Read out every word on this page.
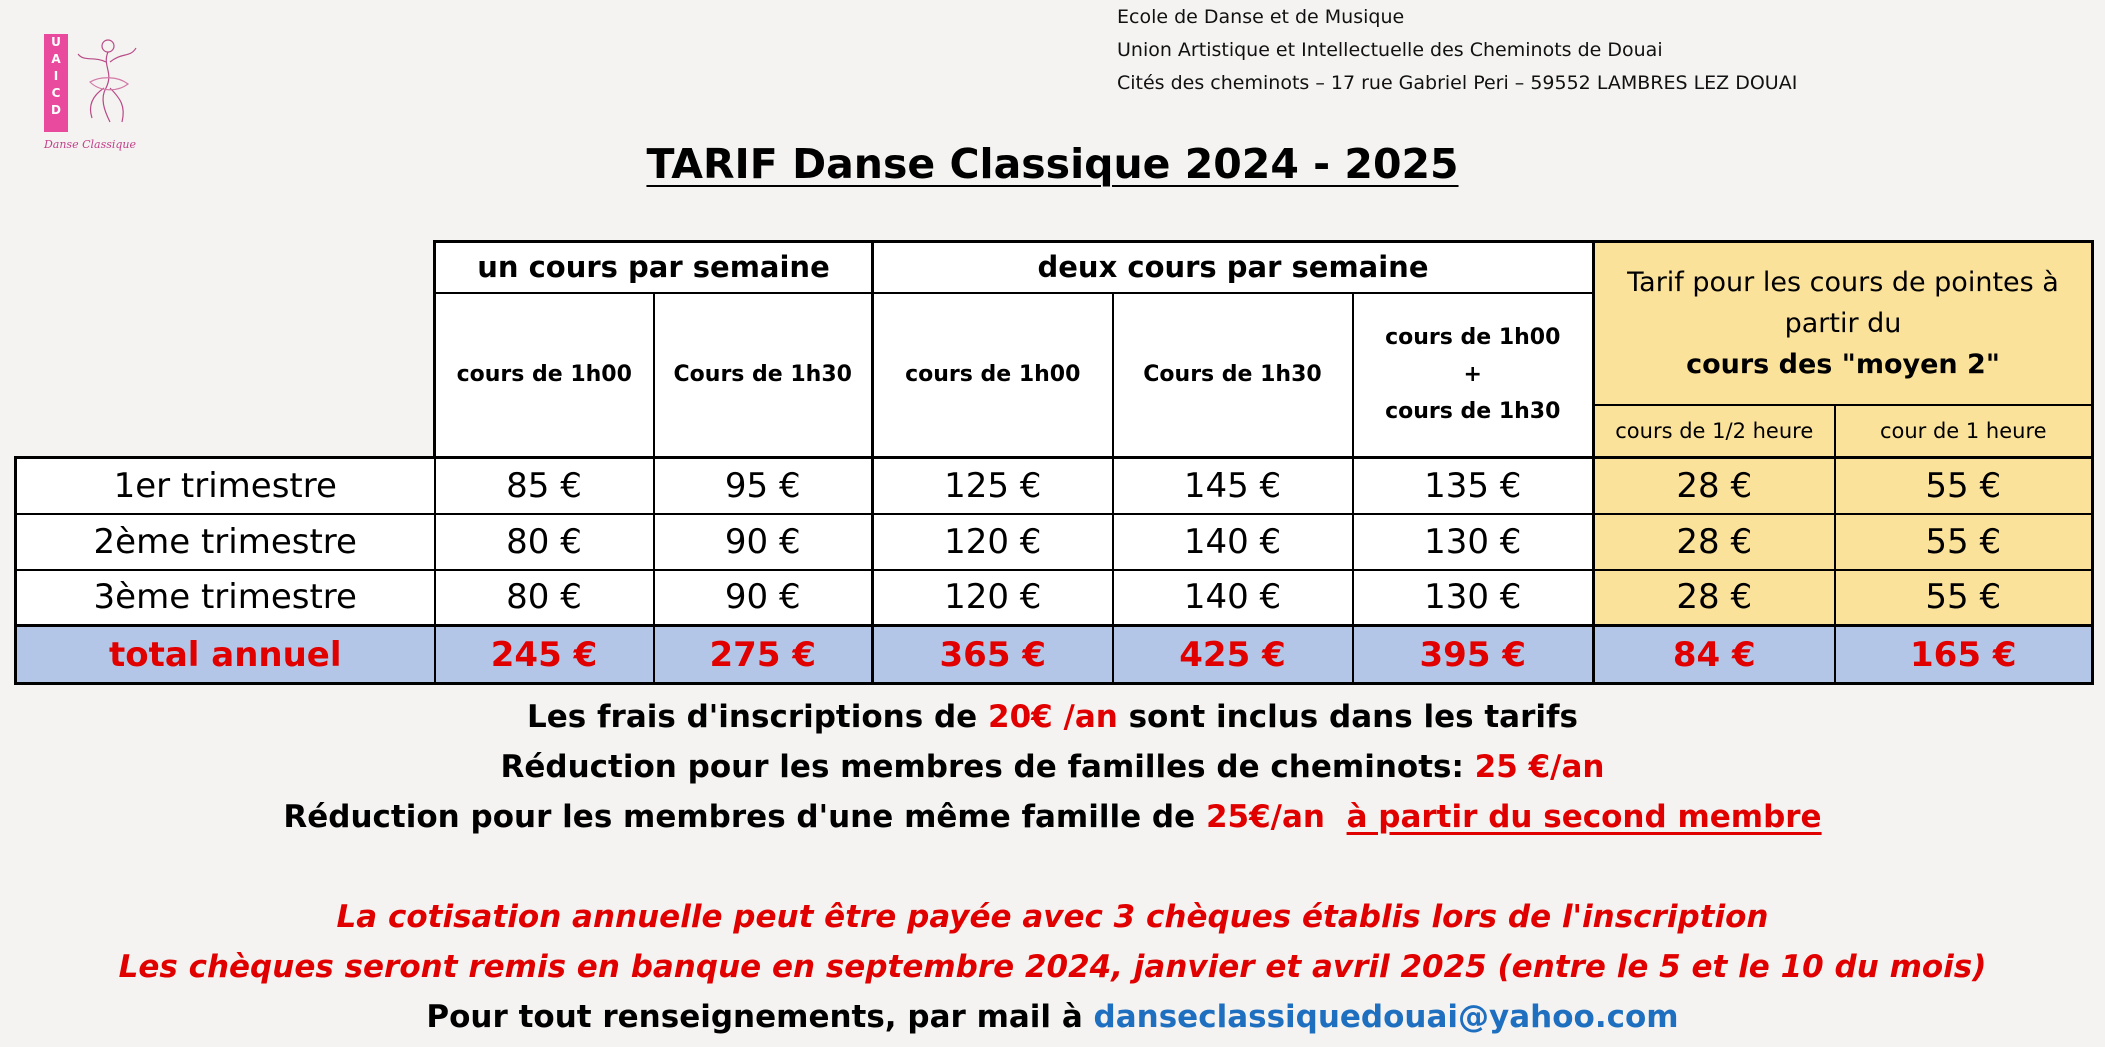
U
A
I
C
D
Danse Classique
Ecole de Danse et de Musique
Union Artistique et Intellectuelle des Cheminots de Douai
Cités des cheminots – 17 rue Gabriel Peri – 59552 LAMBRES LEZ DOUAI
TARIF Danse Classique 2024 - 2025
	un cours par semaine		deux cours par semaine			Tarif pour les cours de pointes à partir du
cours des "moyen 2"	

	cours de 1h00	Cours de 1h30	cours de 1h00	Cours de 1h30	cours de 1h00
+
cours de 1h30		

						cours de 1/2 heure	cour de 1 heure
1er trimestre	85 €	95 €	125 €	145 €	135 €	28 €	55 €
2ème trimestre	80 €	90 €	120 €	140 €	130 €	28 €	55 €
3ème trimestre	80 €	90 €	120 €	140 €	130 €	28 €	55 €
total annuel	245 €	275 €	365 €	425 €	395 €	84 €	165 €
Les frais d'inscriptions de 20€ /an sont inclus dans les tarifs
Réduction pour les membres de familles de cheminots: 25 €/an
Réduction pour les membres d'une même famille de 25€/an à partir du second membre
La cotisation annuelle peut être payée avec 3 chèques établis lors de l'inscription
Les chèques seront remis en banque en septembre 2024, janvier et avril 2025 (entre le 5 et le 10 du mois)
Pour tout renseignements, par mail à danseclassiquedouai@yahoo.com
